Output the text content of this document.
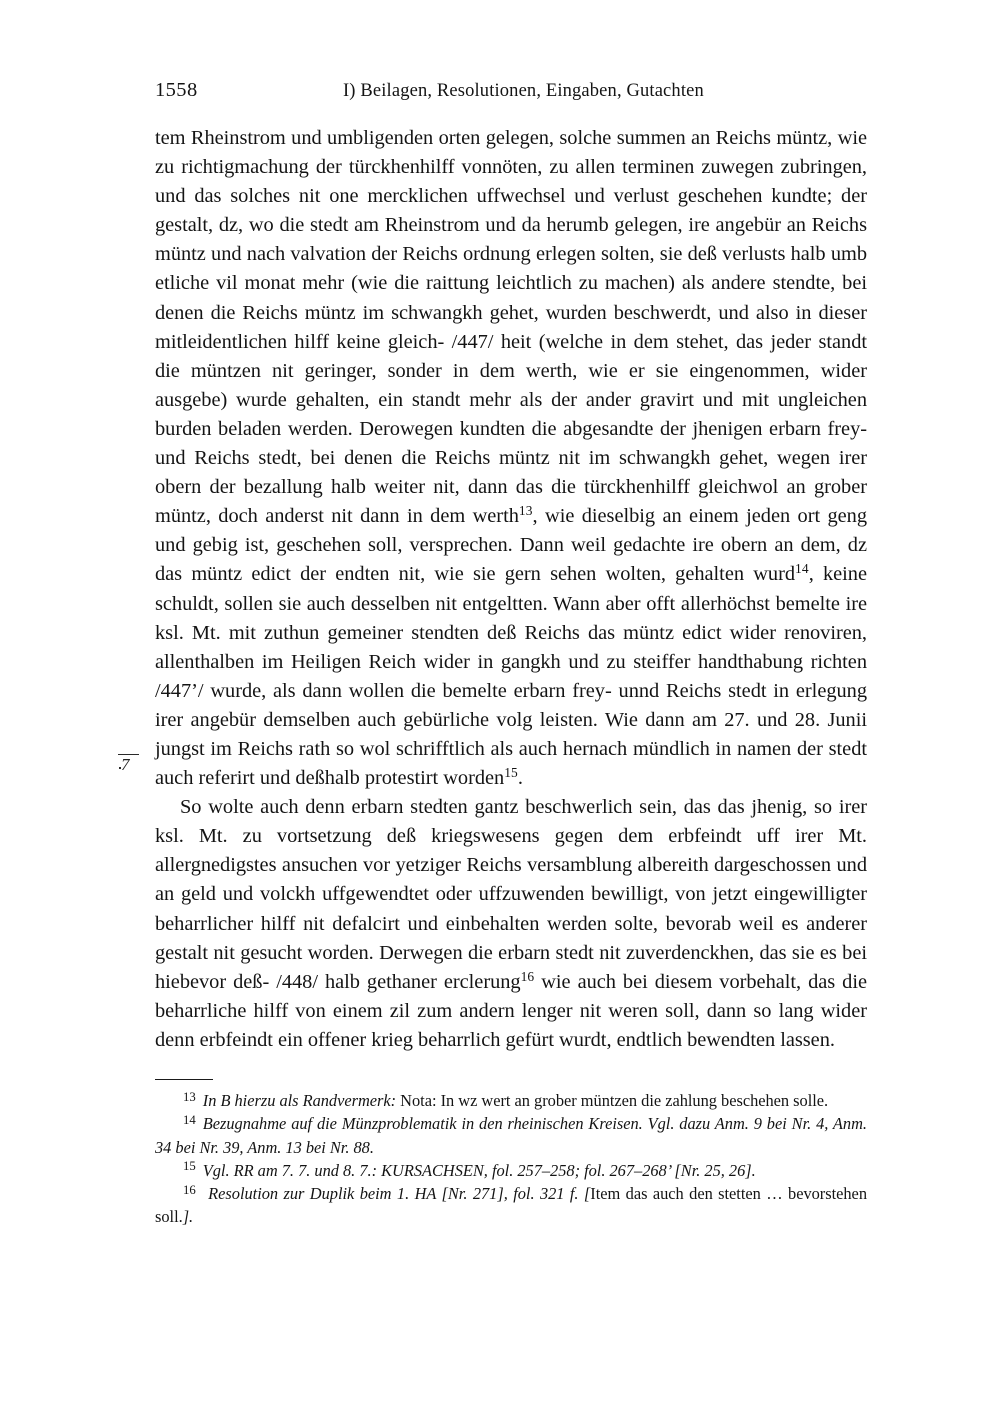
1558	I) Beilagen, Resolutionen, Eingaben, Gutachten
7

tem Rheinstrom und umbligenden orten gelegen, solche summen an Reichs müntz, wie zu richtigmachung der türckhenhilff vonnöten, zu allen terminen zuwegen zubringen, und das solches nit one mercklichen uffwechsel und verlust geschehen kundte; der gestalt, dz, wo die stedt am Rheinstrom und da herumb gelegen, ire angebür an Reichs müntz und nach valvation der Reichs ordnung erlegen solten, sie deß verlusts halb umb etliche vil monat mehr (wie die raittung leichtlich zu machen) als andere stendte, bei denen die Reichs müntz im schwangkh gehet, wurden beschwerdt, und also in dieser mitleidentlichen hilff keine gleich- /447/ heit (welche in dem stehet, das jeder standt die müntzen nit geringer, sonder in dem werth, wie er sie eingenommen, wider ausgebe) wurde gehalten, ein standt mehr als der ander gravirt und mit ungleichen burden beladen werden. Derowegen kundten die abgesandte der jhenigen erbarn frey- und Reichs stedt, bei denen die Reichs müntz nit im schwangkh gehet, wegen irer obern der bezallung halb weiter nit, dann das die türckhenhilff gleichwol an grober müntz, doch anderst nit dann in dem werth$^{13}$, wie dieselbig an einem jeden ort geng und gebig ist, geschehen soll, versprechen. Dann weil gedachte ire obern an dem, dz das müntz edict der endten nit, wie sie gern sehen wolten, gehalten wurd$^{14}$, keine schuldt, sollen sie auch desselben nit entgeltten. Wann aber offt allerhöchst bemelte ire ksl. Mt. mit zuthun gemeiner stendten deß Reichs das müntz edict wider renoviren, allenthalben im Heiligen Reich wider in gangkh und zu steiffer handthabung richten /447’/ wurde, als dann wollen die bemelte erbarn frey- unnd Reichs stedt in erlegung irer angebür demselben auch gebürliche volg leisten. Wie dann am 27. und 28. Junii jungst im Reichs rath so wol schrifftlich als auch hernach mündlich in namen der stedt auch referirt und deßhalb protestirt worden$^{15}$.

So wolte auch denn erbarn stedten gantz beschwerlich sein, das das jhenig, so irer ksl. Mt. zu vortsetzung deß kriegswesens gegen dem erbfeindt uff irer Mt. allergnedigstes ansuchen vor yetziger Reichs versamblung albereith dargeschossen und an geld und volckh uffgewendtet oder uffzuwenden bewilligt, von jetzt eingewilligter beharrlicher hilff nit defalcirt und einbehalten werden solte, bevorab weil es anderer gestalt nit gesucht worden. Derwegen die erbarn stedt nit zuverdenckhen, das sie es bei hiebevor deß- /448/ halb gethaner erclerung$^{16}$ wie auch bei diesem vorbehalt, das die beharrliche hilff von einem zil zum andern lenger nit weren soll, dann so lang wider denn erbfeindt ein offener krieg beharrlich gefürt wurdt, endtlich bewendten lassen.

$^{13}$ In B hierzu als Randvermerk: Nota: In wz wert an grober müntzen die zahlung beschehen solle.

$^{14}$ Bezugnahme auf die Münzproblematik in den rheinischen Kreisen. Vgl. dazu Anm. 9 bei Nr. 4, Anm. 34 bei Nr. 39, Anm. 13 bei Nr. 88.

$^{15}$ Vgl. RR am 7. 7. und 8. 7.: KURSACHSEN, fol. 257–258; fol. 267–268’ [Nr. 25, 26].

$^{16}$ Resolution zur Duplik beim 1. HA [Nr. 271], fol. 321 f. [Item das auch den stetten … bevorstehen soll.].
